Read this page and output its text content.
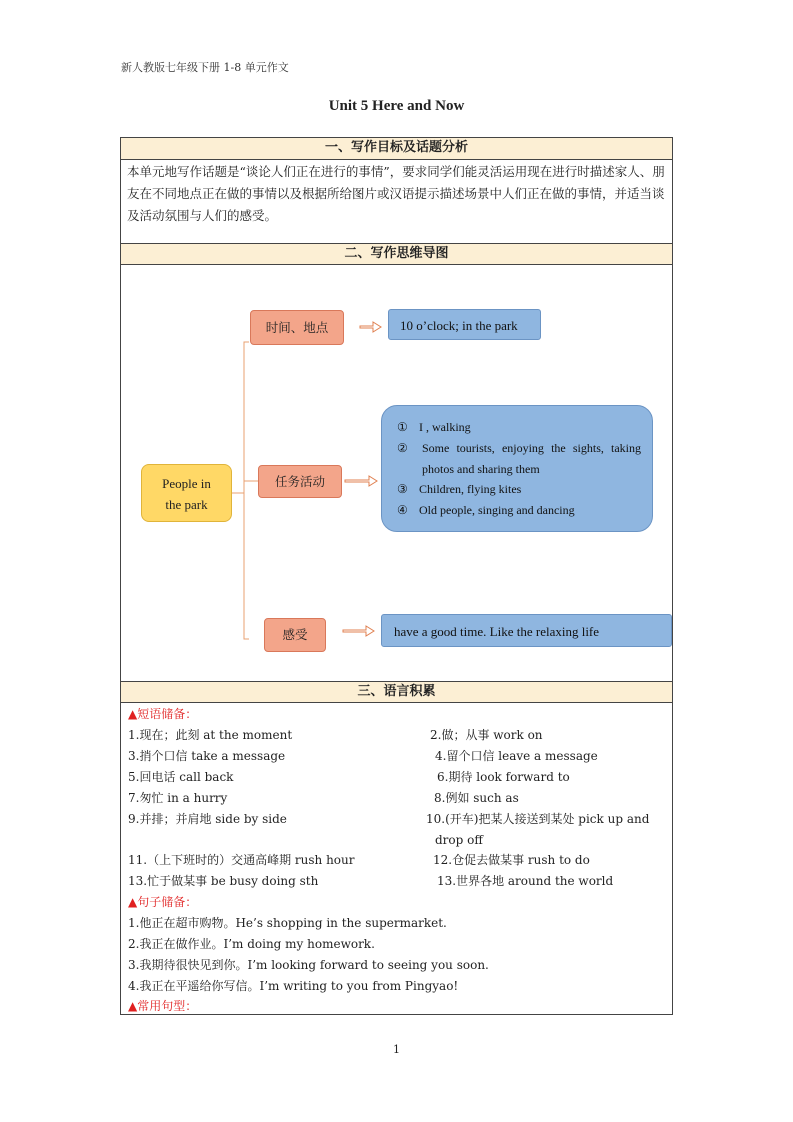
新人教版七年级下册 1-8 单元作文
Unit 5 Here and Now
一、写作目标及话题分析
本单元地写作话题是“谈论人们正在进行的事情”，要求同学们能灵活运用现在进行时描述家人、朋友在不同地点正在做的事情以及根据所给图片或汉语提示描述场景中人们正在做的事情，并适当谈及活动氛围与人们的感受。
二、写作思维导图
People in
the park
时间、地点	10 o’clock; in the park
任务活动
① I , walking
② Some tourists, enjoying the sights, taking photos and sharing them
③ Children, flying kites
④ Old people, singing and dancing
感受	have a good time. Like the relaxing life
三、语言积累
▲短语储备：
1.现在；此刻 at the moment	2.做；从事 work on
3.捎个口信 take a message	4.留个口信 leave a message
5.回电话 call back	6.期待 look forward to
7.匆忙 in a hurry	8.例如 such as
9.并排；并肩地 side by side	10.(开车)把某人接送到某处 pick up and
drop off
11.（上下班时的）交通高峰期 rush hour	12.仓促去做某事 rush to do
13.忙于做某事 be busy doing sth	13.世界各地 around the world
▲句子储备：
1.他正在超市购物。He’s shopping in the supermarket.
2.我正在做作业。I’m doing my homework.
3.我期待很快见到你。I’m looking forward to seeing you soon.
4.我正在平遥给你写信。I’m writing to you from Pingyao!
▲常用句型：
1
